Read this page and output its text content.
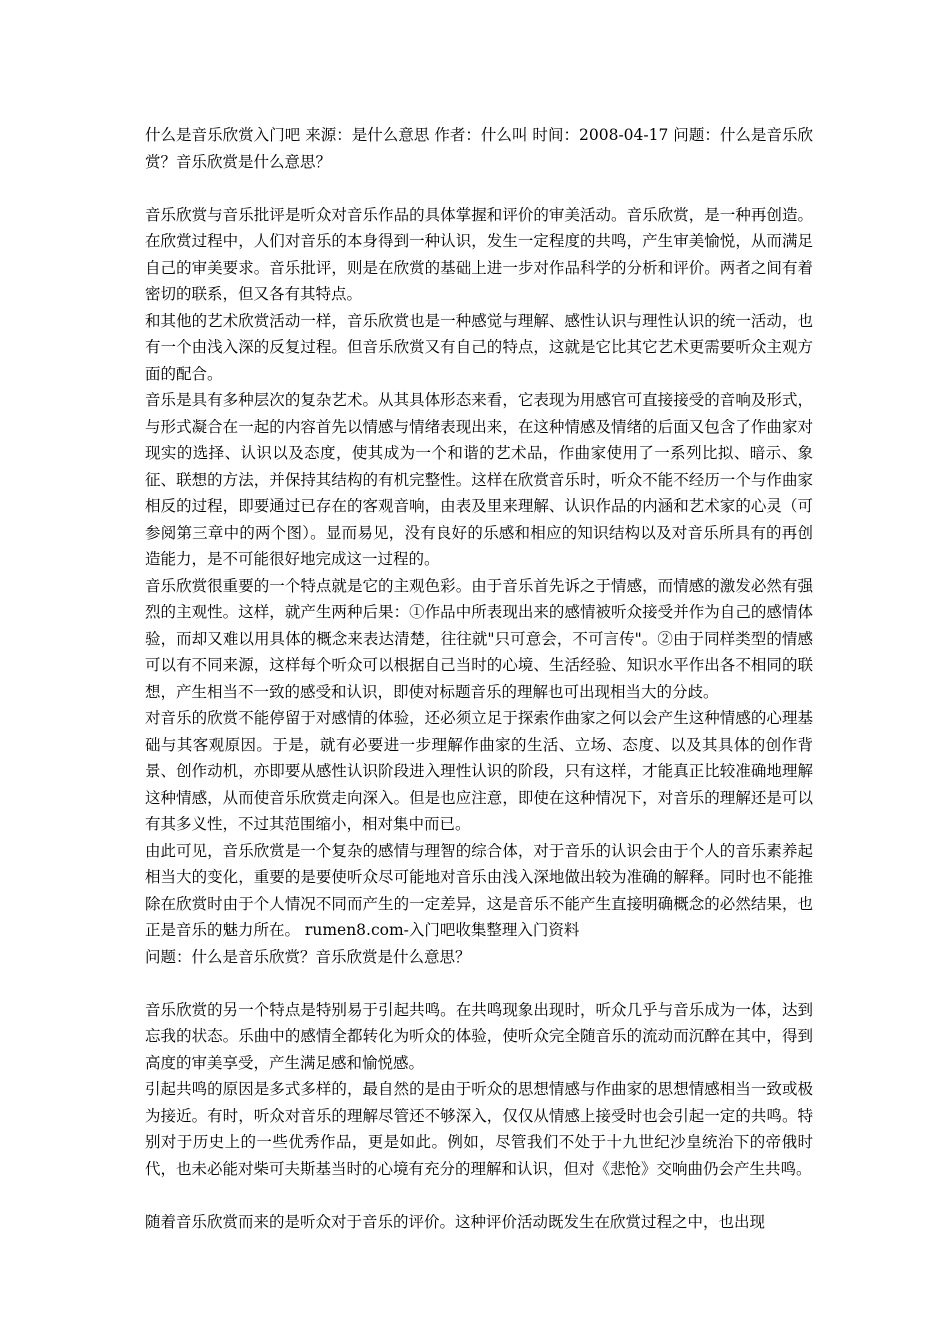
什么是音乐欣赏入门吧 来源：是什么意思 作者：什么叫 时间：2008-04-17 问题：什么是音乐欣赏？音乐欣赏是什么意思？

音乐欣赏与音乐批评是听众对音乐作品的具体掌握和评价的审美活动。音乐欣赏，是一种再创造。在欣赏过程中，人们对音乐的本身得到一种认识，发生一定程度的共鸣，产生审美愉悦，从而满足自己的审美要求。音乐批评，则是在欣赏的基础上进一步对作品科学的分析和评价。两者之间有着密切的联系，但又各有其特点。

和其他的艺术欣赏活动一样，音乐欣赏也是一种感觉与理解、感性认识与理性认识的统一活动，也有一个由浅入深的反复过程。但音乐欣赏又有自己的特点，这就是它比其它艺术更需要听众主观方面的配合。

音乐是具有多种层次的复杂艺术。从其具体形态来看，它表现为用感官可直接接受的音响及形式，与形式凝合在一起的内容首先以情感与情绪表现出来，在这种情感及情绪的后面又包含了作曲家对现实的选择、认识以及态度，使其成为一个和谐的艺术品，作曲家使用了一系列比拟、暗示、象征、联想的方法，并保持其结构的有机完整性。这样在欣赏音乐时，听众不能不经历一个与作曲家相反的过程，即要通过已存在的客观音响，由表及里来理解、认识作品的内涵和艺术家的心灵（可参阅第三章中的两个图）。显而易见，没有良好的乐感和相应的知识结构以及对音乐所具有的再创造能力，是不可能很好地完成这一过程的。

音乐欣赏很重要的一个特点就是它的主观色彩。由于音乐首先诉之于情感，而情感的激发必然有强烈的主观性。这样，就产生两种后果：①作品中所表现出来的感情被听众接受并作为自己的感情体验，而却又难以用具体的概念来表达清楚，往往就"只可意会，不可言传"。②由于同样类型的情感可以有不同来源，这样每个听众可以根据自己当时的心境、生活经验、知识水平作出各不相同的联想，产生相当不一致的感受和认识，即使对标题音乐的理解也可出现相当大的分歧。

对音乐的欣赏不能停留于对感情的体验，还必须立足于探索作曲家之何以会产生这种情感的心理基础与其客观原因。于是，就有必要进一步理解作曲家的生活、立场、态度、以及其具体的创作背景、创作动机，亦即要从感性认识阶段进入理性认识的阶段，只有这样，才能真正比较准确地理解这种情感，从而使音乐欣赏走向深入。但是也应注意，即使在这种情况下，对音乐的理解还是可以有其多义性，不过其范围缩小，相对集中而已。

由此可见，音乐欣赏是一个复杂的感情与理智的综合体，对于音乐的认识会由于个人的音乐素养起相当大的变化，重要的是要使听众尽可能地对音乐由浅入深地做出较为准确的解释。同时也不能推除在欣赏时由于个人情况不同而产生的一定差异，这是音乐不能产生直接明确概念的必然结果，也正是音乐的魅力所在。 rumen8.com-入门吧收集整理入门资料

问题：什么是音乐欣赏？音乐欣赏是什么意思？

音乐欣赏的另一个特点是特别易于引起共鸣。在共鸣现象出现时，听众几乎与音乐成为一体，达到忘我的状态。乐曲中的感情全都转化为听众的体验，使听众完全随音乐的流动而沉醉在其中，得到高度的审美享受，产生满足感和愉悦感。

引起共鸣的原因是多式多样的，最自然的是由于听众的思想情感与作曲家的思想情感相当一致或极为接近。有时，听众对音乐的理解尽管还不够深入，仅仅从情感上接受时也会引起一定的共鸣。特别对于历史上的一些优秀作品，更是如此。例如，尽管我们不处于十九世纪沙皇统治下的帝俄时代，也未必能对柴可夫斯基当时的心境有充分的理解和认识，但对《悲怆》交响曲仍会产生共鸣。

随着音乐欣赏而来的是听众对于音乐的评价。这种评价活动既发生在欣赏过程之中，也出现
